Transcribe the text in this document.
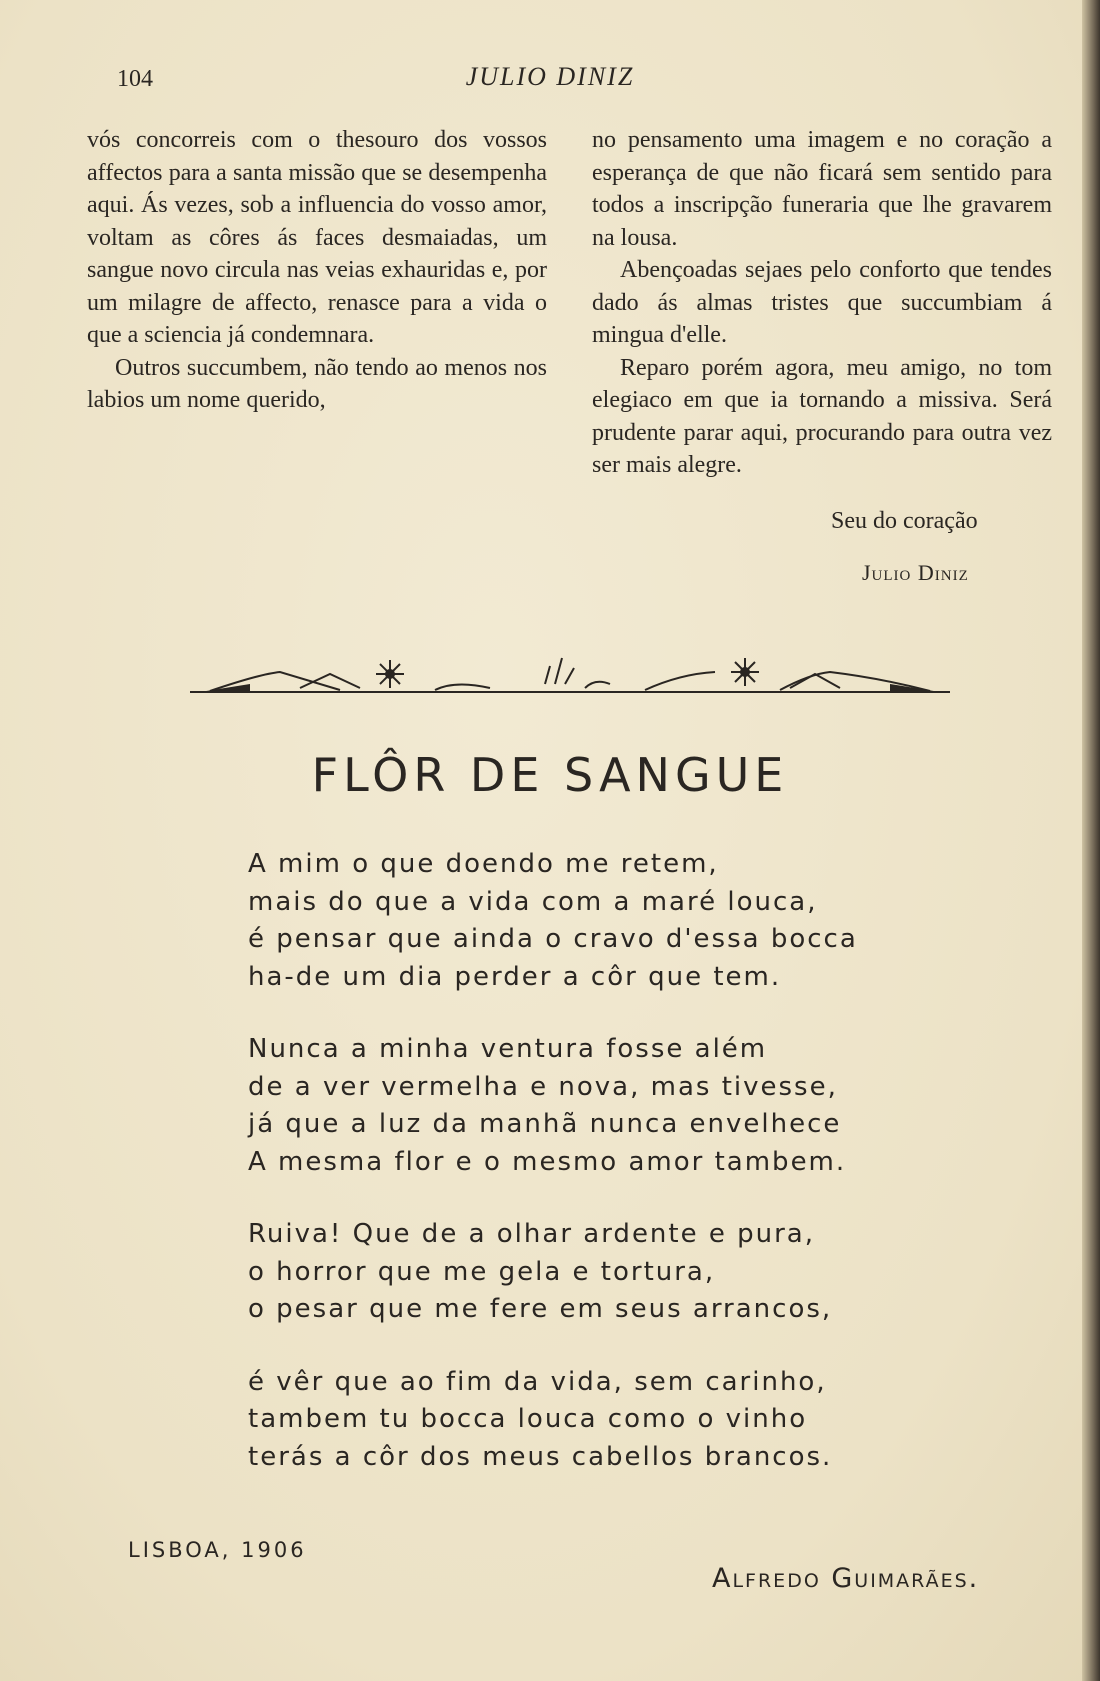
104	JULIO DINIZ

vós concorreis com o thesouro dos vossos affectos para a santa missão que se desempenha aqui. Ás vezes, sob a influencia do vosso amor, voltam as côres ás faces desmaiadas, um sangue novo circula nas veias exhauridas e, por um milagre de affecto, renasce para a vida o que a sciencia já condemnara.

Outros succumbem, não tendo ao menos nos labios um nome querido,

no pensamento uma imagem e no coração a esperança de que não ficará sem sentido para todos a inscripção funeraria que lhe gravarem na lousa.

Abençoadas sejaes pelo conforto que tendes dado ás almas tristes que succumbiam á mingua d'elle.

Reparo porém agora, meu amigo, no tom elegiaco em que ia tornando a missiva. Será prudente parar aqui, procurando para outra vez ser mais alegre.

Seu do coração
Julio Diniz
FLÔR DE SANGUE
A mim o que doendo me retem,
mais do que a vida com a maré louca,
é pensar que ainda o cravo d'essa bocca
ha-de um dia perder a côr que tem.
Nunca a minha ventura fosse além
de a ver vermelha e nova, mas tivesse,
já que a luz da manhã nunca envelhece
A mesma flor e o mesmo amor tambem.
Ruiva! Que de a olhar ardente e pura,
o horror que me gela e tortura,
o pesar que me fere em seus arrancos,
é vêr que ao fim da vida, sem carinho,
tambem tu bocca louca como o vinho
terás a côr dos meus cabellos brancos.
LISBOA, 1906
Alfredo Guimarães.
